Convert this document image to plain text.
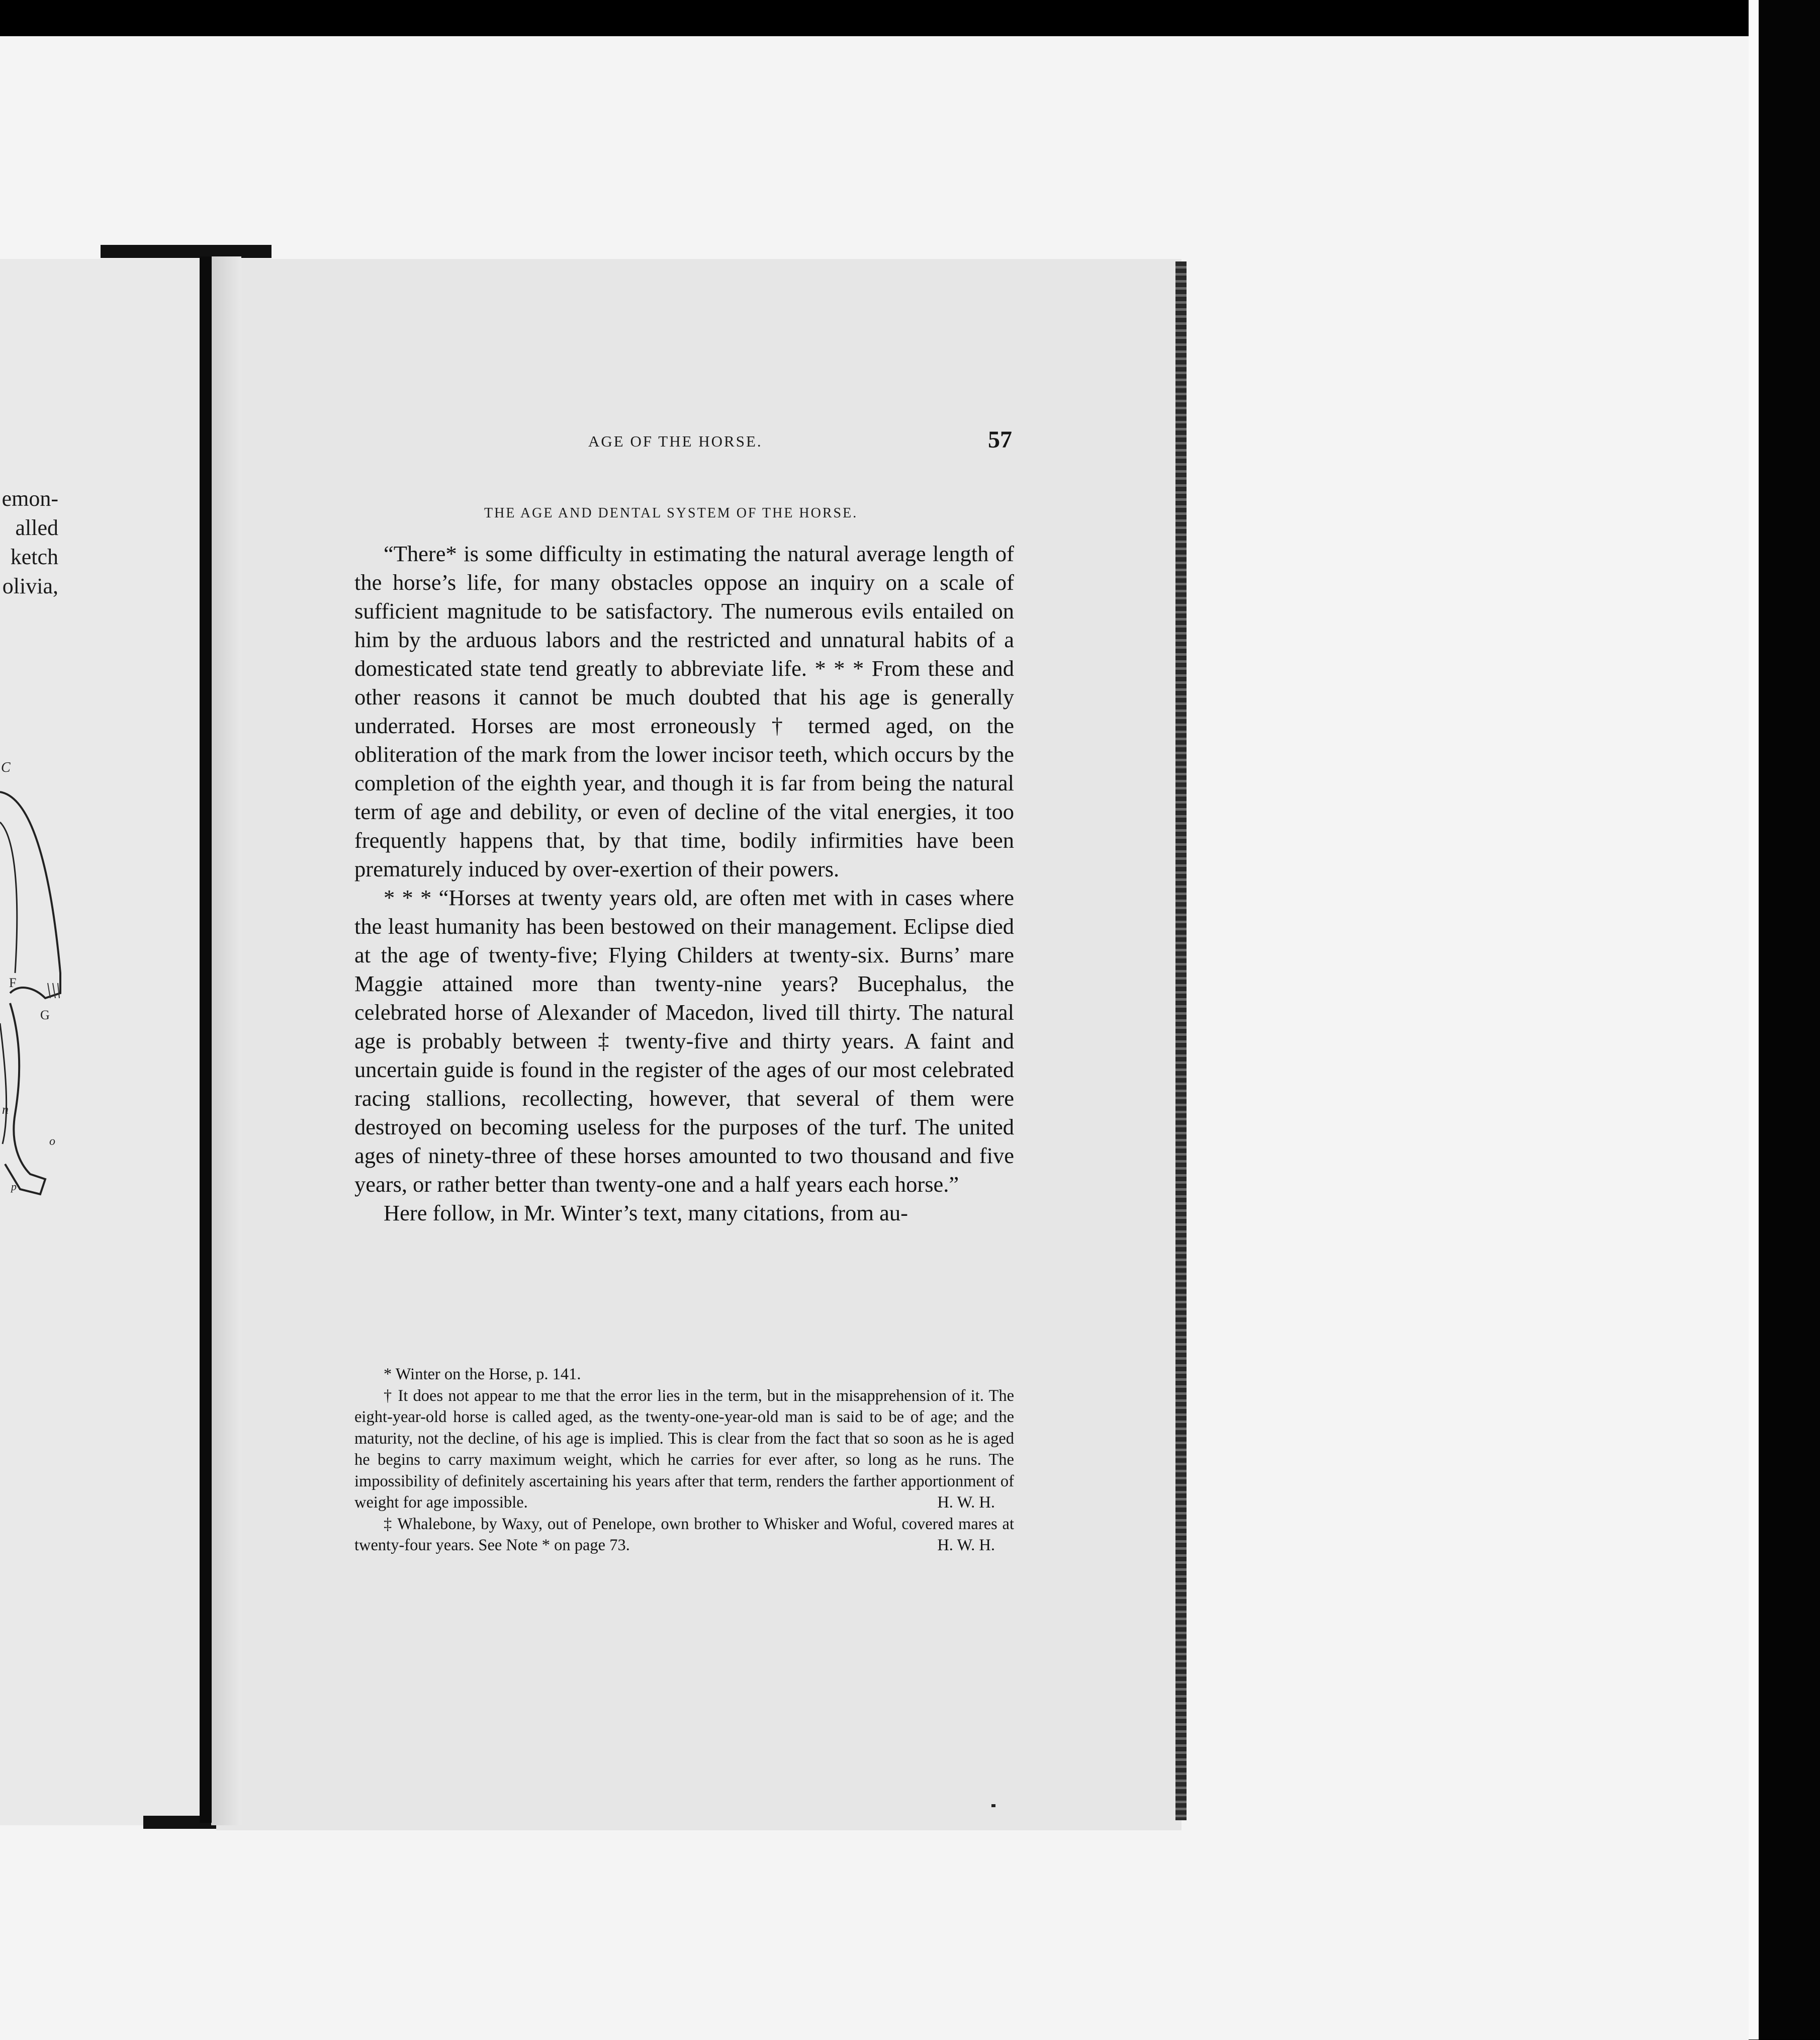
emon-
alled
ketch
olivia,
C
F
G
n
o
p
AGE OF THE HORSE.	57
THE AGE AND DENTAL SYSTEM OF THE HORSE.

“There* is some difficulty in estimating the natural average length of the horse’s life, for many obstacles oppose an inquiry on a scale of sufficient magnitude to be satisfactory. The numerous evils entailed on him by the arduous labors and the restricted and unnatural habits of a domesticated state tend greatly to abbreviate life. * * * From these and other reasons it cannot be much doubted that his age is generally underrated. Horses are most erroneously † termed aged, on the obliteration of the mark from the lower incisor teeth, which occurs by the completion of the eighth year, and though it is far from being the natural term of age and debility, or even of decline of the vital energies, it too frequently happens that, by that time, bodily infirmities have been prematurely induced by over-exertion of their powers.

* * * “Horses at twenty years old, are often met with in cases where the least humanity has been bestowed on their management. Eclipse died at the age of twenty-five; Flying Childers at twenty-six. Burns’ mare Maggie attained more than twenty-nine years? Bucephalus, the celebrated horse of Alexander of Macedon, lived till thirty. The natural age is probably between ‡ twenty-five and thirty years. A faint and uncertain guide is found in the register of the ages of our most celebrated racing stallions, recollecting, however, that several of them were destroyed on becoming useless for the purposes of the turf. The united ages of ninety-three of these horses amounted to two thousand and five years, or rather better than twenty-one and a half years each horse.”

Here follow, in Mr. Winter’s text, many citations, from au-

* Winter on the Horse, p. 141.

† It does not appear to me that the error lies in the term, but in the misapprehension of it. The eight-year-old horse is called aged, as the twenty-one-year-old man is said to be of age; and the maturity, not the decline, of his age is implied. This is clear from the fact that so soon as he is aged he begins to carry maximum weight, which he carries for ever after, so long as he runs. The impossibility of definitely ascertaining his years after that term, renders the farther apportionment of weight for age impossible.	H. W. H.

‡ Whalebone, by Waxy, out of Penelope, own brother to Whisker and Woful, covered mares at twenty-four years. See Note * on page 73.	H. W. H.
